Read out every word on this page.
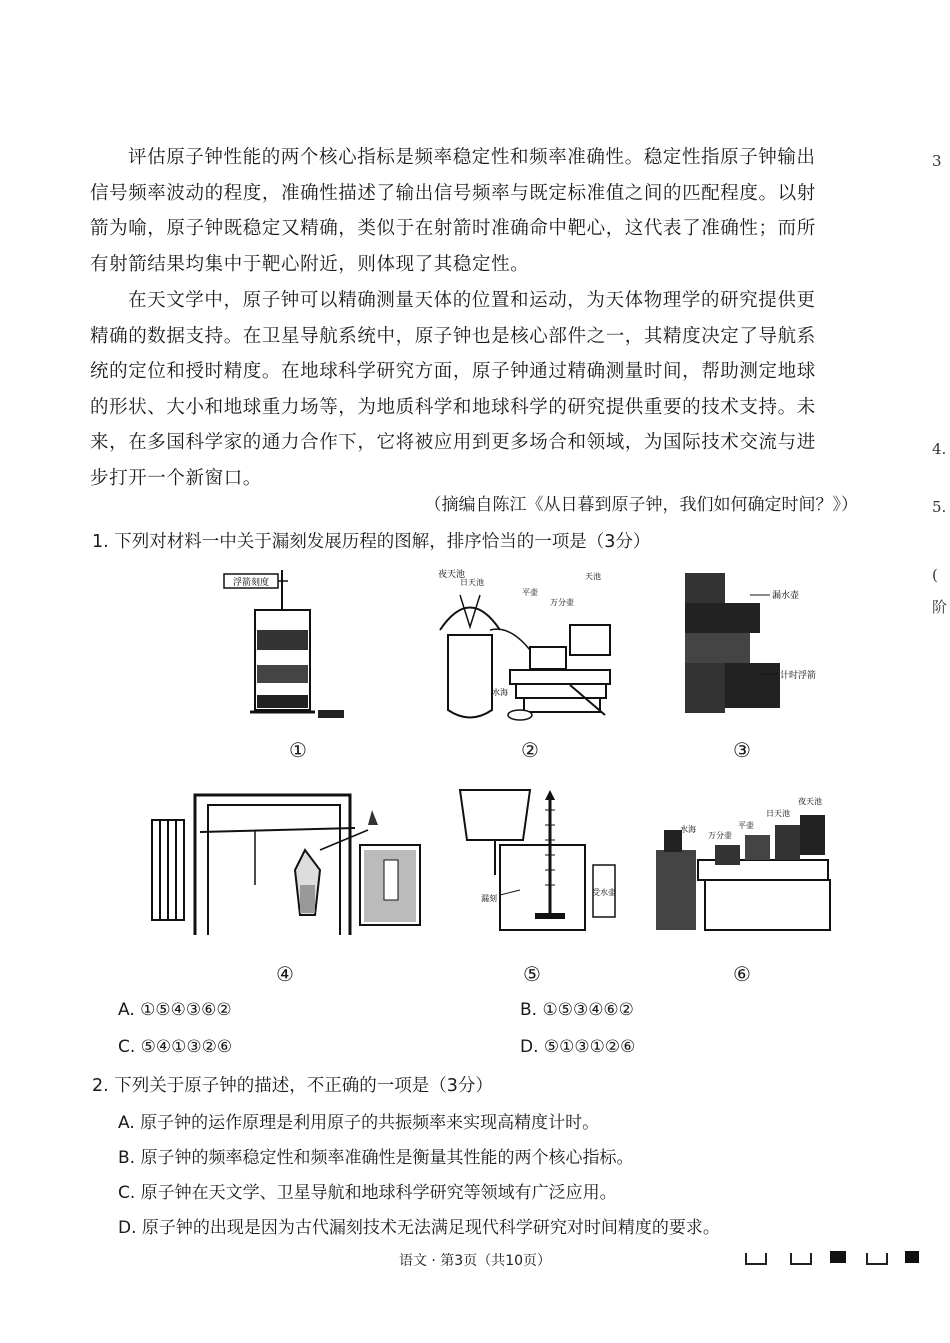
评估原子钟性能的两个核心指标是频率稳定性和频率准确性。稳定性指原子钟输出
信号频率波动的程度，准确性描述了输出信号频率与既定标准值之间的匹配程度。以射
箭为喻，原子钟既稳定又精确，类似于在射箭时准确命中靶心，这代表了准确性；而所
有射箭结果均集中于靶心附近，则体现了其稳定性。
在天文学中，原子钟可以精确测量天体的位置和运动，为天体物理学的研究提供更
精确的数据支持。在卫星导航系统中，原子钟也是核心部件之一，其精度决定了导航系
统的定位和授时精度。在地球科学研究方面，原子钟通过精确测量时间，帮助测定地球
的形状、大小和地球重力场等，为地质科学和地球科学的研究提供重要的技术支持。未
来，在多国科学家的通力合作下，它将被应用到更多场合和领域，为国际技术交流与进
步打开一个新窗口。
（摘编自陈江《从日暮到原子钟，我们如何确定时间？》）
1. 下列对材料一中关于漏刻发展历程的图解，排序恰当的一项是（3分）
浮箭刻度
①
夜天池
日天池
天池
平壶
万分壶
水海
②
漏水壶
计时浮箭
③
④
受水壶
漏刻
⑤
水海
万分壶
平壶
日天池
夜天池
⑥
A. ①⑤④③⑥②	B. ①⑤③④⑥②
C. ⑤④①③②⑥	D. ⑤①③①②⑥
2. 下列关于原子钟的描述，不正确的一项是（3分）
A. 原子钟的运作原理是利用原子的共振频率来实现高精度计时。
B. 原子钟的频率稳定性和频率准确性是衡量其性能的两个核心指标。
C. 原子钟在天文学、卫星导航和地球科学研究等领域有广泛应用。
D. 原子钟的出现是因为古代漏刻技术无法满足现代科学研究对时间精度的要求。
3
4.
5.
(
阶
语文 · 第3页（共10页）
